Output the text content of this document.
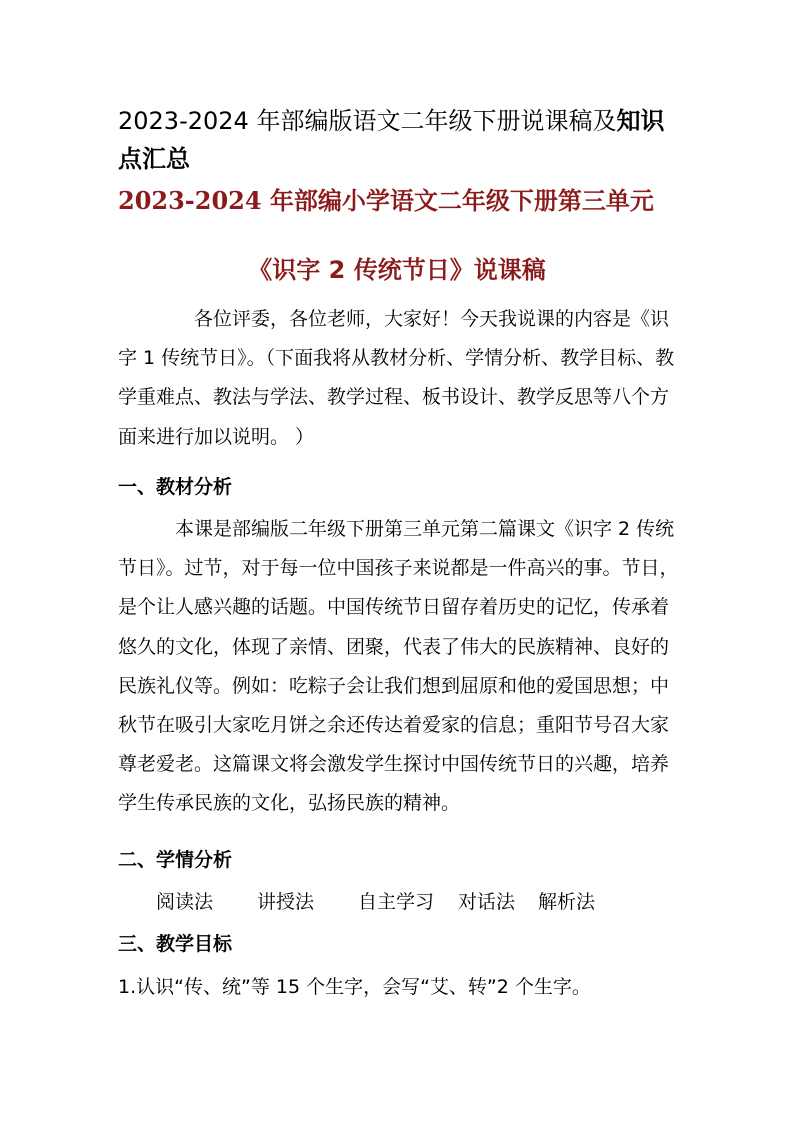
2023-2024 年部编版语文二年级下册说课稿及知识点汇总
2023-2024 年部编小学语文二年级下册第三单元
《识字 2 传统节日》说课稿

各位评委，各位老师，大家好！今天我说课的内容是《识字 1 传统节日》。（下面我将从教材分析、学情分析、教学目标、教学重难点、教法与学法、教学过程、板书设计、教学反思等八个方面来进行加以说明。 ）

一、教材分析

本课是部编版二年级下册第三单元第二篇课文《识字 2 传统节日》。过节，对于每一位中国孩子来说都是一件高兴的事。节日，是个让人感兴趣的话题。中国传统节日留存着历史的记忆，传承着悠久的文化，体现了亲情、团聚，代表了伟大的民族精神、良好的民族礼仪等。例如：吃粽子会让我们想到屈原和他的爱国思想；中秋节在吸引大家吃月饼之余还传达着爱家的信息；重阳节号召大家尊老爱老。这篇课文将会激发学生探讨中国传统节日的兴趣，培养学生传承民族的文化，弘扬民族的精神。

二、学情分析
阅读法 讲授法 自主学习 对话法 解析法
三、教学目标

1.认识“传、统”等 15 个生字，会写“艾、转”2 个生字。
